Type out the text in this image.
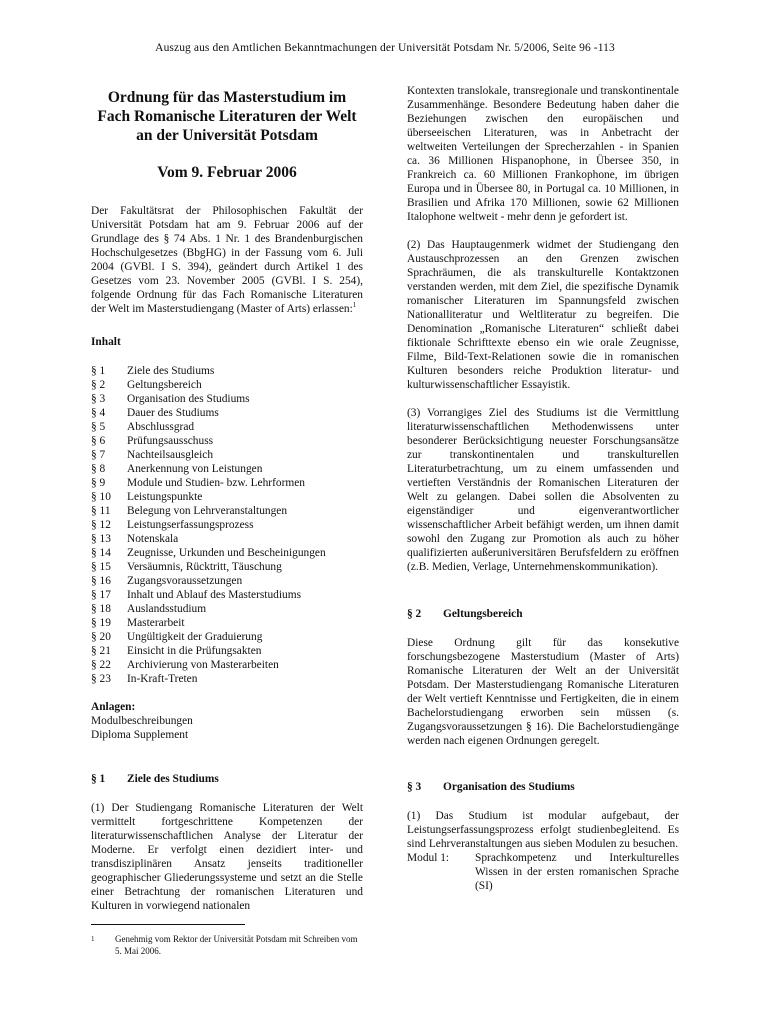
Auszug aus den Amtlichen Bekanntmachungen der Universität Potsdam Nr. 5/2006, Seite 96 -113
Ordnung für das Masterstudium im
Fach Romanische Literaturen der Welt
an der Universität Potsdam
Vom 9. Februar 2006

Der Fakultätsrat der Philosophischen Fakultät der Universität Potsdam hat am 9. Februar 2006 auf der Grundlage des § 74 Abs. 1 Nr. 1 des Brandenburgischen Hochschulgesetzes (BbgHG) in der Fassung vom 6. Juli 2004 (GVBl. I S. 394), geändert durch Artikel 1 des Gesetzes vom 23. November 2005 (GVBl. I S. 254), folgende Ordnung für das Fach Romanische Literaturen der Welt im Masterstudiengang (Master of Arts) erlassen:$^1$

Inhalt
§ 1	Ziele des Studiums
§ 2	Geltungsbereich
§ 3	Organisation des Studiums
§ 4	Dauer des Studiums
§ 5	Abschlussgrad
§ 6	Prüfungsausschuss
§ 7	Nachteilsausgleich
§ 8	Anerkennung von Leistungen
§ 9	Module und Studien- bzw. Lehrformen
§ 10	Leistungspunkte
§ 11	Belegung von Lehrveranstaltungen
§ 12	Leistungserfassungsprozess
§ 13	Notenskala
§ 14	Zeugnisse, Urkunden und Bescheinigungen
§ 15	Versäumnis, Rücktritt, Täuschung
§ 16	Zugangsvoraussetzungen
§ 17	Inhalt und Ablauf des Masterstudiums
§ 18	Auslandsstudium
§ 19	Masterarbeit
§ 20	Ungültigkeit der Graduierung
§ 21	Einsicht in die Prüfungsakten
§ 22	Archivierung von Masterarbeiten
§ 23	In-Kraft-Treten
Anlagen:
Modulbeschreibungen
Diploma Supplement
§ 1	Ziele des Studiums

(1) Der Studiengang Romanische Literaturen der Welt vermittelt fortgeschrittene Kompetenzen der literaturwissenschaftlichen Analyse der Literatur der Moderne. Er verfolgt einen dezidiert inter- und transdisziplinären Ansatz jenseits traditioneller geographischer Gliederungssysteme und setzt an die Stelle einer Betrachtung der romanischen Literaturen und Kulturen in vorwiegend nationalen

1	Genehmig vom Rektor der Universität Potsdam mit Schreiben vom 5. Mai 2006.

Kontexten translokale, transregionale und transkontinentale Zusammenhänge. Besondere Bedeutung haben daher die Beziehungen zwischen den europäischen und überseeischen Literaturen, was in Anbetracht der weltweiten Verteilungen der Sprecherzahlen - in Spanien ca. 36 Millionen Hispanophone, in Übersee 350, in Frankreich ca. 60 Millionen Frankophone, im übrigen Europa und in Übersee 80, in Portugal ca. 10 Millionen, in Brasilien und Afrika 170 Millionen, sowie 62 Millionen Italophone weltweit - mehr denn je gefordert ist.

(2) Das Hauptaugenmerk widmet der Studiengang den Austauschprozessen an den Grenzen zwischen Sprachräumen, die als transkulturelle Kontaktzonen verstanden werden, mit dem Ziel, die spezifische Dynamik romanischer Literaturen im Spannungsfeld zwischen Nationalliteratur und Weltliteratur zu begreifen. Die Denomination „Romanische Literaturen“ schließt dabei fiktionale Schrifttexte ebenso ein wie orale Zeugnisse, Filme, Bild-Text-Relationen sowie die in romanischen Kulturen besonders reiche Produktion literatur- und kulturwissenschaftlicher Essayistik.

(3) Vorrangiges Ziel des Studiums ist die Vermittlung literaturwissenschaftlichen Methodenwissens unter besonderer Berücksichtigung neuester Forschungsansätze zur transkontinentalen und transkulturellen Literaturbetrachtung, um zu einem umfassenden und vertieften Verständnis der Romanischen Literaturen der Welt zu gelangen. Dabei sollen die Absolventen zu eigenständiger und eigenverantwortlicher wissenschaftlicher Arbeit befähigt werden, um ihnen damit sowohl den Zugang zur Promotion als auch zu höher qualifizierten außeruniversitären Berufsfeldern zu eröffnen (z.B. Medien, Verlage, Unternehmenskommunikation).

§ 2	Geltungsbereich

Diese Ordnung gilt für das konsekutive forschungsbezogene Masterstudium (Master of Arts) Romanische Literaturen der Welt an der Universität Potsdam. Der Masterstudiengang Romanische Literaturen der Welt vertieft Kenntnisse und Fertigkeiten, die in einem Bachelorstudiengang erworben sein müssen (s. Zugangsvoraussetzungen § 16). Die Bachelorstudiengänge werden nach eigenen Ordnungen geregelt.

§ 3	Organisation des Studiums

(1) Das Studium ist modular aufgebaut, der Leistungserfassungsprozess erfolgt studienbegleitend. Es sind Lehrveranstaltungen aus sieben Modulen zu besuchen.

Modul 1:	Sprachkompetenz und Interkulturelles Wissen in der ersten romanischen Sprache (SI)
